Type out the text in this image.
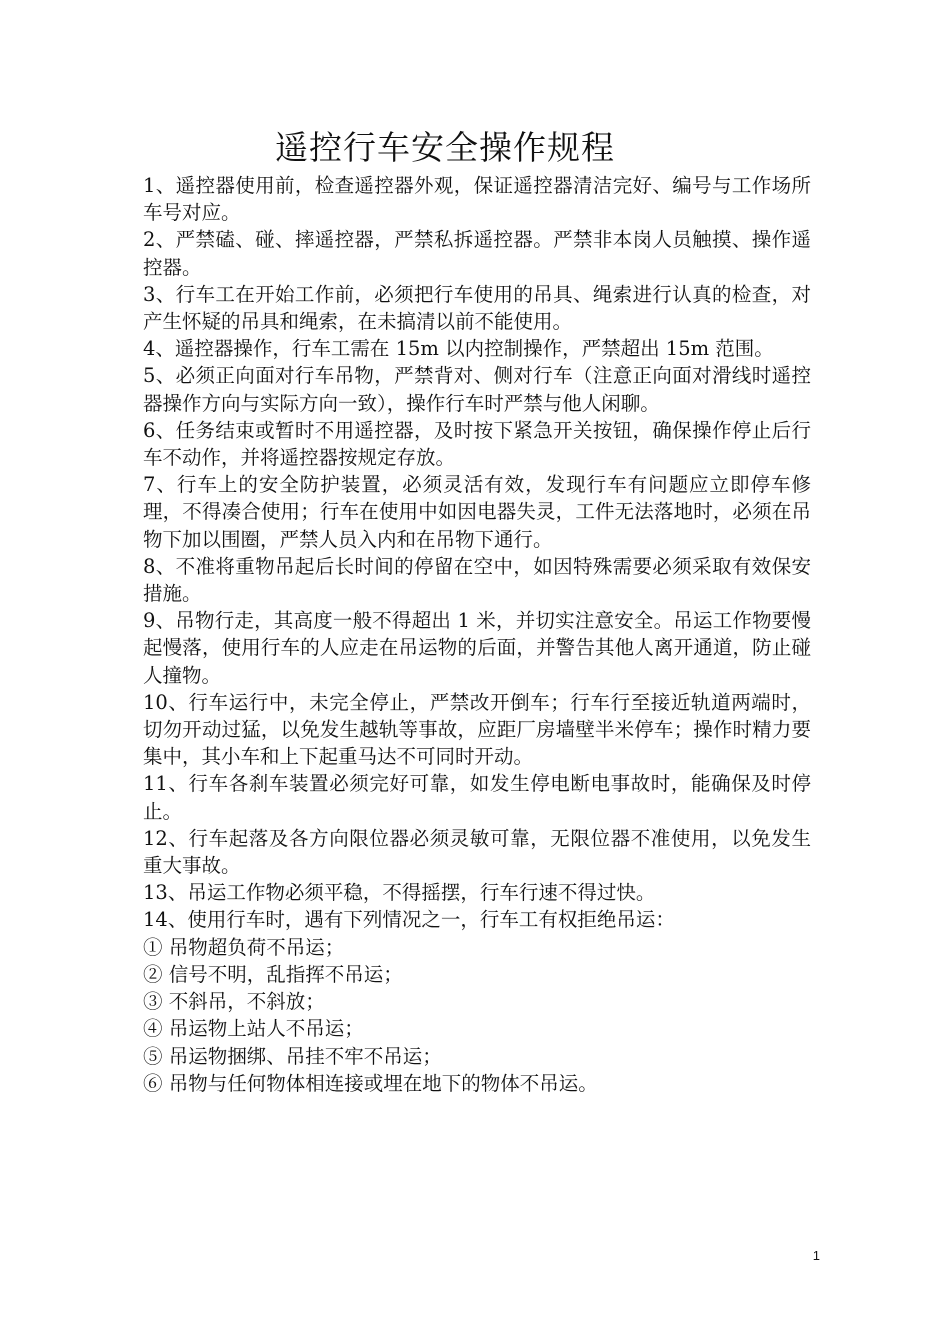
遥控行车安全操作规程

1、遥控器使用前，检查遥控器外观，保证遥控器清洁完好、编号与工作场所车号对应。

2、严禁磕、碰、摔遥控器，严禁私拆遥控器。严禁非本岗人员触摸、操作遥控器。

3、行车工在开始工作前，必须把行车使用的吊具、绳索进行认真的检查，对产生怀疑的吊具和绳索，在未搞清以前不能使用。

4、遥控器操作，行车工需在 15m 以内控制操作，严禁超出 15m 范围。

5、必须正向面对行车吊物，严禁背对、侧对行车（注意正向面对滑线时遥控器操作方向与实际方向一致），操作行车时严禁与他人闲聊。

6、任务结束或暂时不用遥控器，及时按下紧急开关按钮，确保操作停止后行车不动作，并将遥控器按规定存放。

7、行车上的安全防护装置，必须灵活有效，发现行车有问题应立即停车修理，不得凑合使用；行车在使用中如因电器失灵，工件无法落地时，必须在吊物下加以围圈，严禁人员入内和在吊物下通行。

8、不准将重物吊起后长时间的停留在空中，如因特殊需要必须采取有效保安措施。

9、吊物行走，其高度一般不得超出 1 米，并切实注意安全。吊运工作物要慢起慢落，使用行车的人应走在吊运物的后面，并警告其他人离开通道，防止碰人撞物。

10、行车运行中，未完全停止，严禁改开倒车；行车行至接近轨道两端时，切勿开动过猛，以免发生越轨等事故，应距厂房墙壁半米停车；操作时精力要集中，其小车和上下起重马达不可同时开动。

11、行车各刹车装置必须完好可靠，如发生停电断电事故时，能确保及时停止。

12、行车起落及各方向限位器必须灵敏可靠，无限位器不准使用，以免发生重大事故。

13、吊运工作物必须平稳，不得摇摆，行车行速不得过快。

14、使用行车时，遇有下列情况之一，行车工有权拒绝吊运：

① 吊物超负荷不吊运；

② 信号不明，乱指挥不吊运；

③ 不斜吊，不斜放；

④ 吊运物上站人不吊运；

⑤ 吊运物捆绑、吊挂不牢不吊运；

⑥ 吊物与任何物体相连接或埋在地下的物体不吊运。

1
